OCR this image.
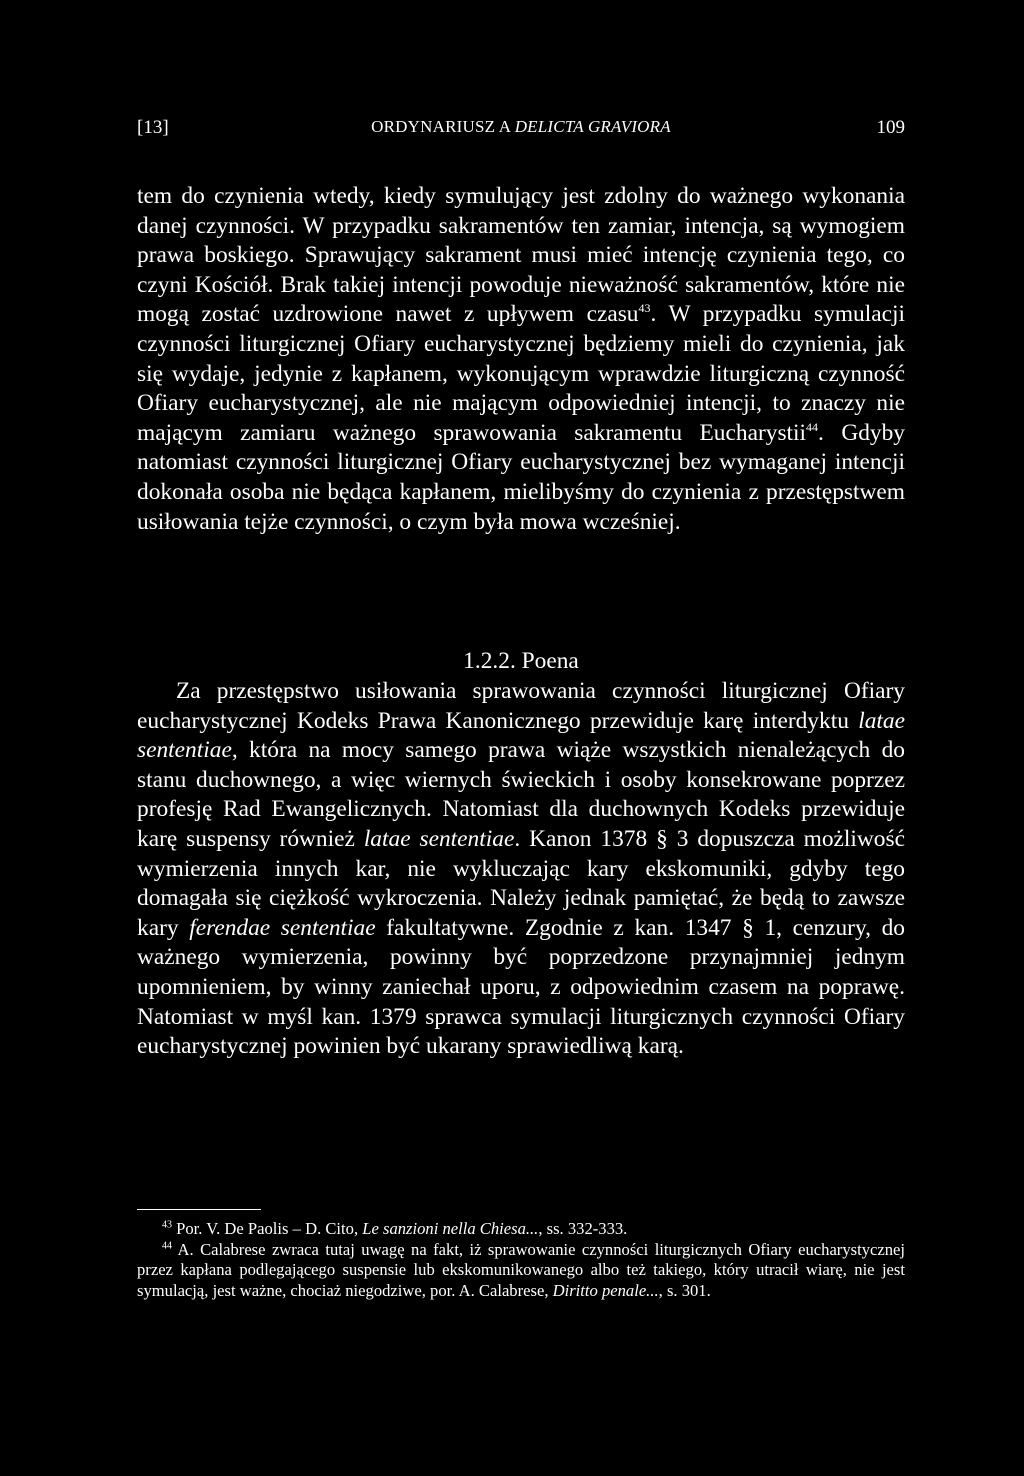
[13]	ORDYNARIUSZ A DELICTA GRAVIORA	109

tem do czynienia wtedy, kiedy symulujący jest zdolny do ważnego wykonania danej czynności. W przypadku sakramentów ten zamiar, intencja, są wymogiem prawa boskiego. Sprawujący sakrament musi mieć intencję czynienia tego, co czyni Kościół. Brak takiej intencji powoduje nieważność sakramentów, które nie mogą zostać uzdrowione nawet z upływem czasu$^{43}$. W przypadku symulacji czynności liturgicznej Ofiary eucharystycznej będziemy mieli do czynienia, jak się wydaje, jedynie z kapłanem, wykonującym wprawdzie liturgiczną czynność Ofiary eucharystycznej, ale nie mającym odpowiedniej intencji, to znaczy nie mającym zamiaru ważnego sprawowania sakramentu Eucharystii$^{44}$. Gdyby natomiast czynności liturgicznej Ofiary eucharystycznej bez wymaganej intencji dokonała osoba nie będąca kapłanem, mielibyśmy do czynienia z przestępstwem usiłowania tejże czynności, o czym była mowa wcześniej.

1.2.2. Poena

Za przestępstwo usiłowania sprawowania czynności liturgicznej Ofiary eucharystycznej Kodeks Prawa Kanonicznego przewiduje karę interdyktu latae sententiae, która na mocy samego prawa wiąże wszystkich nienależących do stanu duchownego, a więc wiernych świeckich i osoby konsekrowane poprzez profesję Rad Ewangelicznych. Natomiast dla duchownych Kodeks przewiduje karę suspensy również latae sententiae. Kanon 1378 § 3 dopuszcza możliwość wymierzenia innych kar, nie wykluczając kary ekskomuniki, gdyby tego domagała się ciężkość wykroczenia. Należy jednak pamiętać, że będą to zawsze kary ferendae sententiae fakultatywne. Zgodnie z kan. 1347 § 1, cenzury, do ważnego wymierzenia, powinny być poprzedzone przynajmniej jednym upomnieniem, by winny zaniechał uporu, z odpowiednim czasem na poprawę. Natomiast w myśl kan. 1379 sprawca symulacji liturgicznych czynności Ofiary eucharystycznej powinien być ukarany sprawiedliwą karą.

$^{43}$ Por. V. De Paolis – D. Cito, Le sanzioni nella Chiesa..., ss. 332-333.

$^{44}$ A. Calabrese zwraca tutaj uwagę na fakt, iż sprawowanie czynności liturgicznych Ofiary eucharystycznej przez kapłana podlegającego suspensie lub ekskomunikowanego albo też takiego, który utracił wiarę, nie jest symulacją, jest ważne, chociaż niegodziwe, por. A. Calabrese, Diritto penale..., s. 301.
